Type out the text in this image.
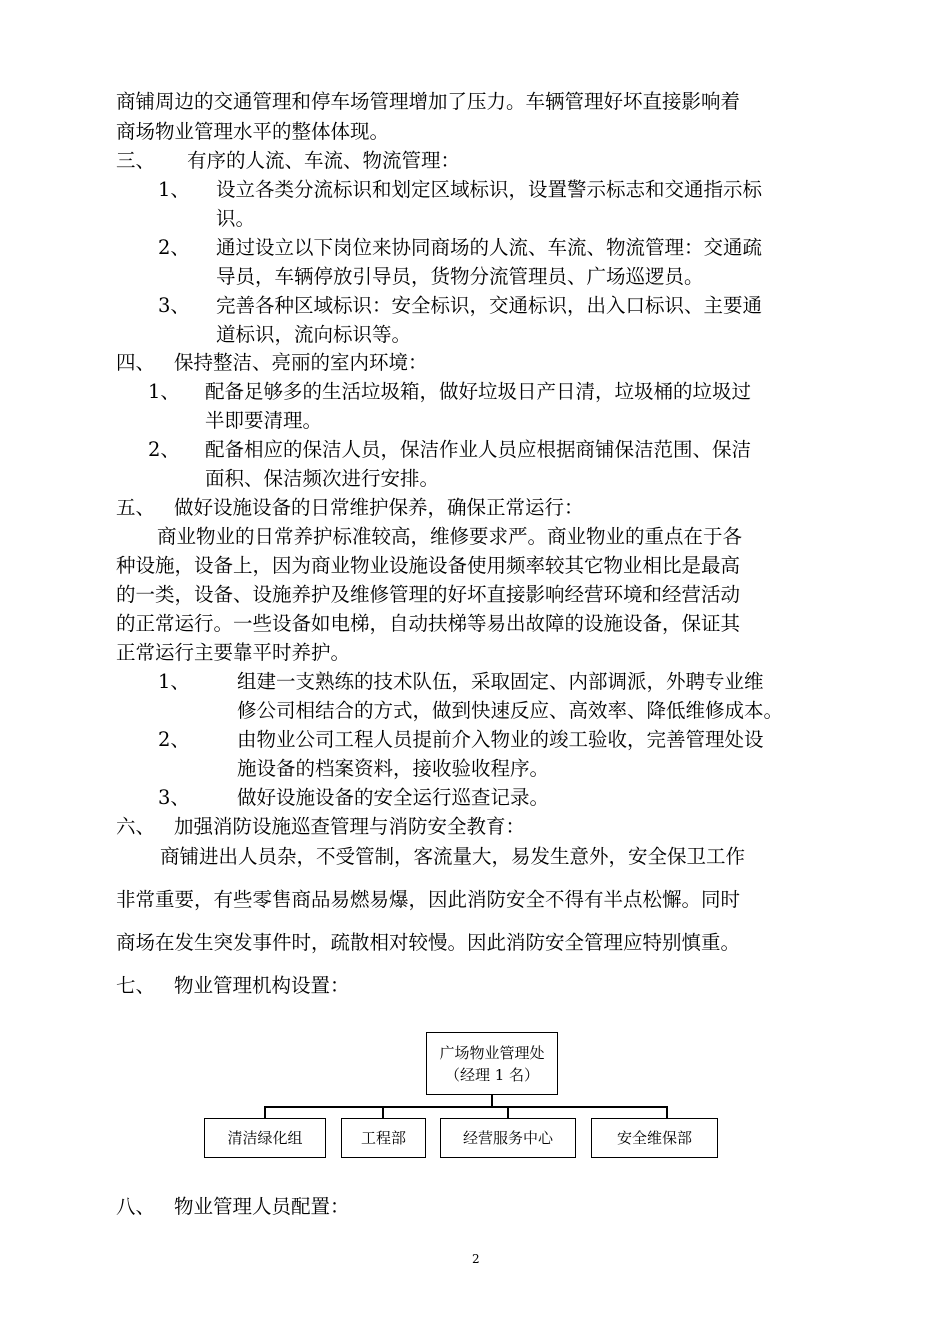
商铺周边的交通管理和停车场管理增加了压力。车辆管理好坏直接影响着
商场物业管理水平的整体体现。
三、 有序的人流、车流、物流管理：
1、 设立各类分流标识和划定区域标识，设置警示标志和交通指示标
识。
2、 通过设立以下岗位来协同商场的人流、车流、物流管理：交通疏
导员，车辆停放引导员，货物分流管理员、广场巡逻员。
3、 完善各种区域标识：安全标识，交通标识，出入口标识、主要通
道标识，流向标识等。
四、 保持整洁、亮丽的室内环境：
1、 配备足够多的生活垃圾箱，做好垃圾日产日清，垃圾桶的垃圾过
半即要清理。
2、 配备相应的保洁人员，保洁作业人员应根据商铺保洁范围、保洁
面积、保洁频次进行安排。
五、 做好设施设备的日常维护保养，确保正常运行：
商业物业的日常养护标准较高，维修要求严。商业物业的重点在于各
种设施，设备上，因为商业物业设施设备使用频率较其它物业相比是最高
的一类，设备、设施养护及维修管理的好坏直接影响经营环境和经营活动
的正常运行。一些设备如电梯，自动扶梯等易出故障的设施设备，保证其
正常运行主要靠平时养护。
1、 组建一支熟练的技术队伍，采取固定、内部调派，外聘专业维
修公司相结合的方式，做到快速反应、高效率、降低维修成本。
2、 由物业公司工程人员提前介入物业的竣工验收，完善管理处设
施设备的档案资料，接收验收程序。
3、 做好设施设备的安全运行巡查记录。
六、 加强消防设施巡查管理与消防安全教育：
商铺进出人员杂，不受管制，客流量大，易发生意外，安全保卫工作
非常重要，有些零售商品易燃易爆，因此消防安全不得有半点松懈。同时
商场在发生突发事件时，疏散相对较慢。因此消防安全管理应特别慎重。
七、 物业管理机构设置：
广场物业管理处
（经理 1 名）
清洁绿化组	工程部	经营服务中心	安全维保部
八、 物业管理人员配置：
2
